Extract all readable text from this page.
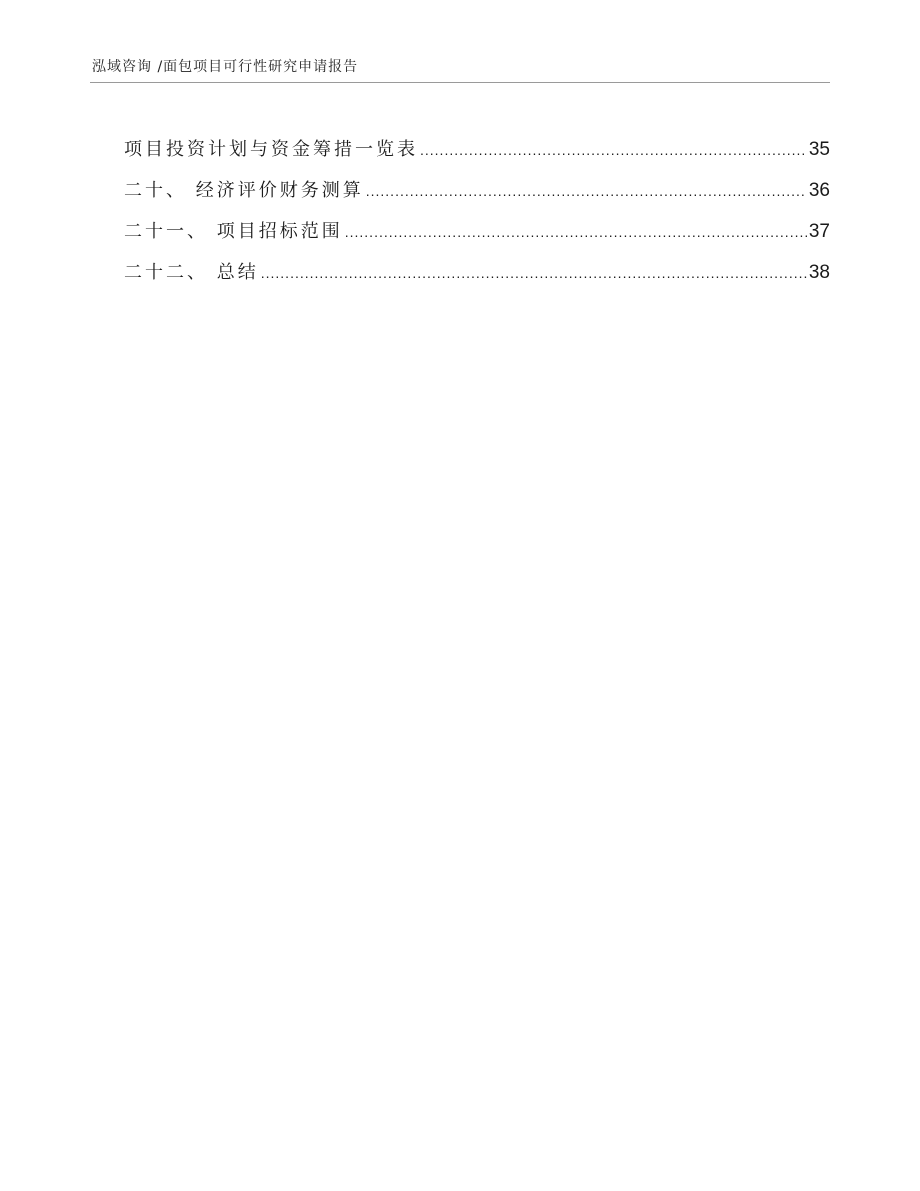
泓域咨询 /面包项目可行性研究申请报告
项目投资计划与资金筹措一览表 .....	35
二十、 经济评价财务测算 .....	36
二十一、 项目招标范围 .....	37
二十二、 总结 .....	38
